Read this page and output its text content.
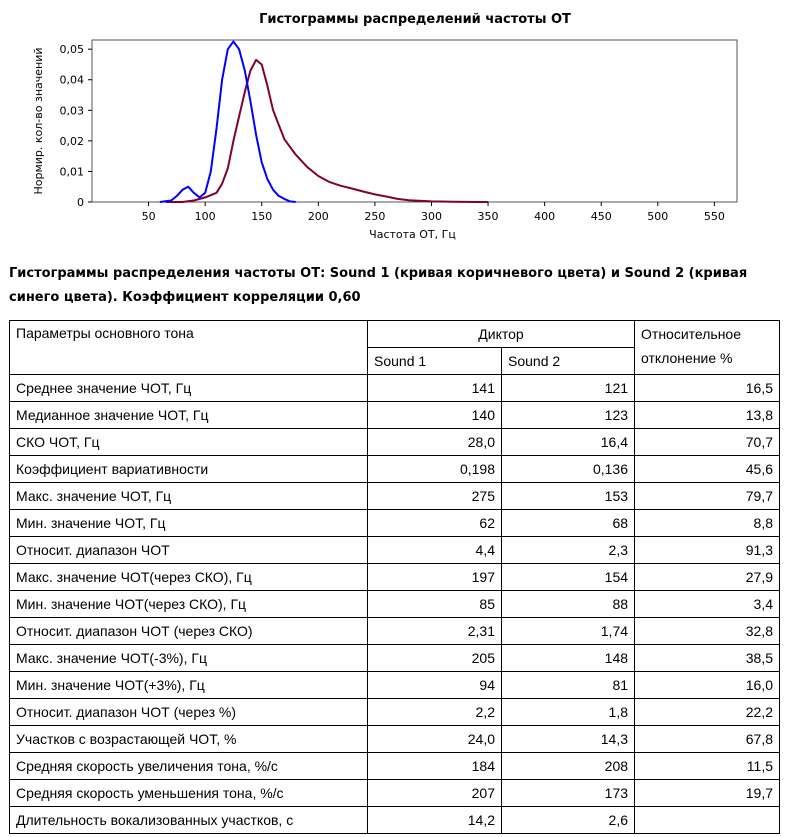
Гистограммы распределений частоты ОТ
50	100	150	200	250	300	350	400	450	500	550
0
0,01
0,02
0,03
0,04
0,05
Частота ОТ, Гц
Нормир. кол-во значений
Гистограммы распределения частоты ОТ: Sound 1 (кривая коричневого цвета) и Sound 2 (кривая синего цвета). Коэффициент корреляции 0,60
Параметры основного тона	Диктор		Относительное отклонение %
	Sound 1	Sound 2	
Среднее значение ЧОТ, Гц	141	121	16,5
Медианное значение ЧОТ, Гц	140	123	13,8
СКО ЧОТ, Гц	28,0	16,4	70,7
Коэффициент вариативности	0,198	0,136	45,6
Макс. значение ЧОТ, Гц	275	153	79,7
Мин. значение ЧОТ, Гц	62	68	8,8
Относит. диапазон ЧОТ	4,4	2,3	91,3
Макс. значение ЧОТ(через СКО), Гц	197	154	27,9
Мин. значение ЧОТ(через СКО), Гц	85	88	3,4
Относит. диапазон ЧОТ (через СКО)	2,31	1,74	32,8
Макс. значение ЧОТ(-3%), Гц	205	148	38,5
Мин. значение ЧОТ(+3%), Гц	94	81	16,0
Относит. диапазон ЧОТ (через %)	2,2	1,8	22,2
Участков с возрастающей ЧОТ, %	24,0	14,3	67,8
Средняя скорость увеличения тона, %/с	184	208	11,5
Средняя скорость уменьшения тона, %/с	207	173	19,7
Длительность вокализованных участков, с	14,2	2,6	
